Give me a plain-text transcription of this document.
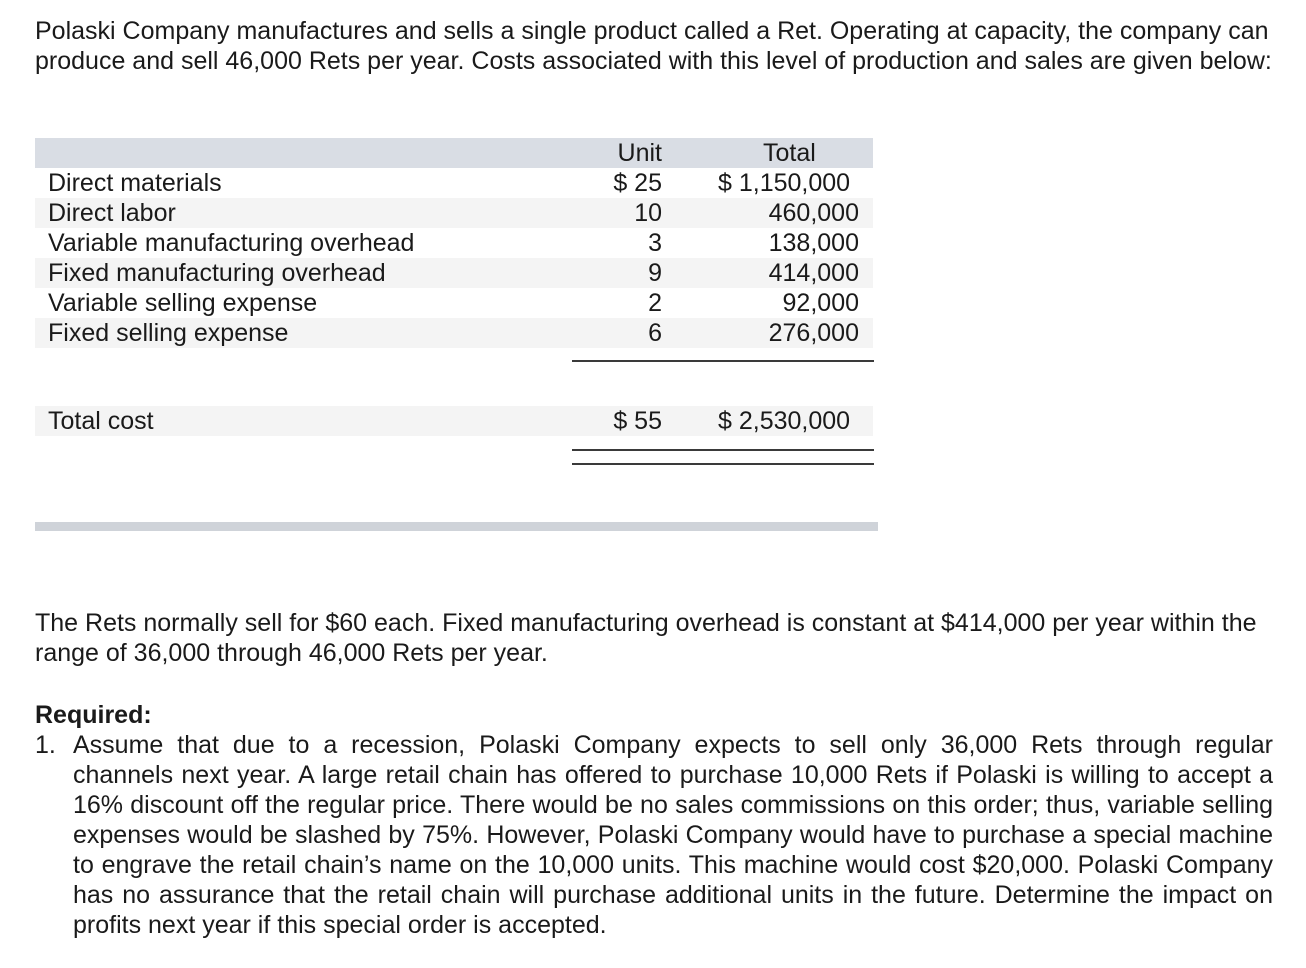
Polaski Company manufactures and sells a single product called a Ret. Operating at capacity, the company can produce and sell 46,000 Rets per year. Costs associated with this level of production and sales are given below:

Unit	Total
Direct materials	$ 25 $ 1,150,000
Direct labor	10	460,000
Variable manufacturing overhead	3	138,000
Fixed manufacturing overhead	9	414,000
Variable selling expense	2	92,000
Fixed selling expense	6	276,000
Total cost	$ 55 $ 2,530,000

The Rets normally sell for $60 each. Fixed manufacturing overhead is constant at $414,000 per year within the range of 36,000 through 46,000 Rets per year.

Required:
1. Assume that due to a recession, Polaski Company expects to sell only 36,000 Rets through regular channels next year. A large retail chain has offered to purchase 10,000 Rets if Polaski is willing to accept a 16% discount off the regular price. There would be no sales commissions on this order; thus, variable selling expenses would be slashed by 75%. However, Polaski Company would have to purchase a special machine to engrave the retail chain’s name on the 10,000 units. This machine would cost $20,000. Polaski Company has no assurance that the retail chain will purchase additional units in the future. Determine the impact on profits next year if this special order is accepted.
